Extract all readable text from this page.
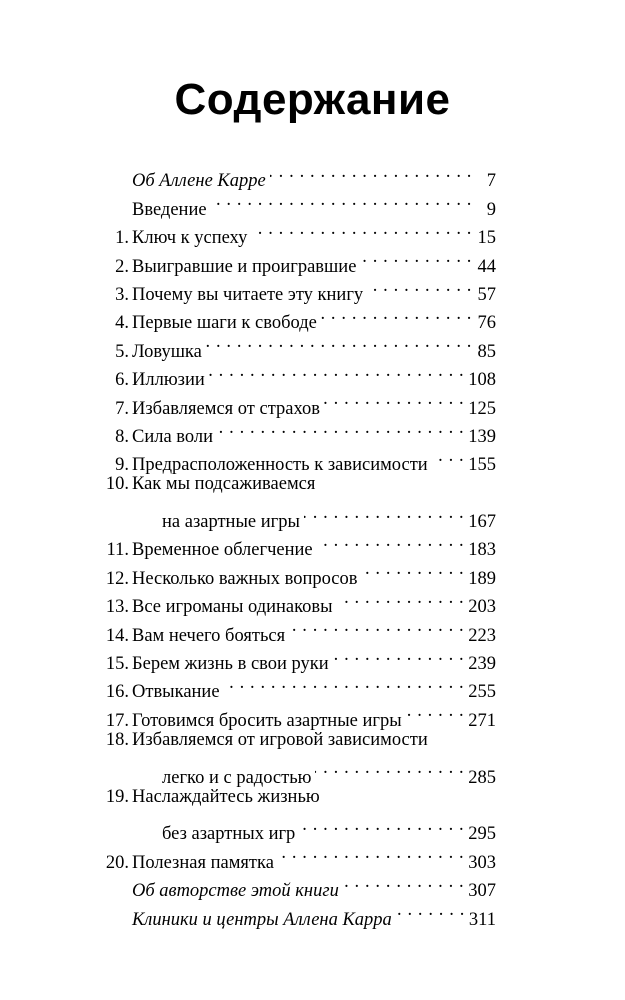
Содержание
Об Аллене Карре . . .	7
Введение . . .	9
1. Ключ к успеху . . .	15
2. Выигравшие и проигравшие . . .	44
3. Почему вы читаете эту книгу . . .	57
4. Первые шаги к свободе . . .	76
5. Ловушка . . .	85
6. Иллюзии . . .	108
7. Избавляемся от страхов . . .	125
8. Сила воли . . .	139
9. Предрасположенность к зависимости . . . 155
10. Как мы подсаживаемся
на азартные игры . . .	167
11. Временное облегчение . . .	183
12. Несколько важных вопросов . . .	189
13. Все игроманы одинаковы . . .	203
14. Вам нечего бояться . . .	223
15. Берем жизнь в свои руки . . .	239
16. Отвыкание . . .	255
17. Готовимся бросить азартные игры . . .	271
18. Избавляемся от игровой зависимости
легко и с радостью . . .	285
19. Наслаждайтесь жизнью
без азартных игр . . .	295
20. Полезная памятка . . .	303
Об авторстве этой книги . . .	307
Клиники и центры Аллена Карра . . .	311
